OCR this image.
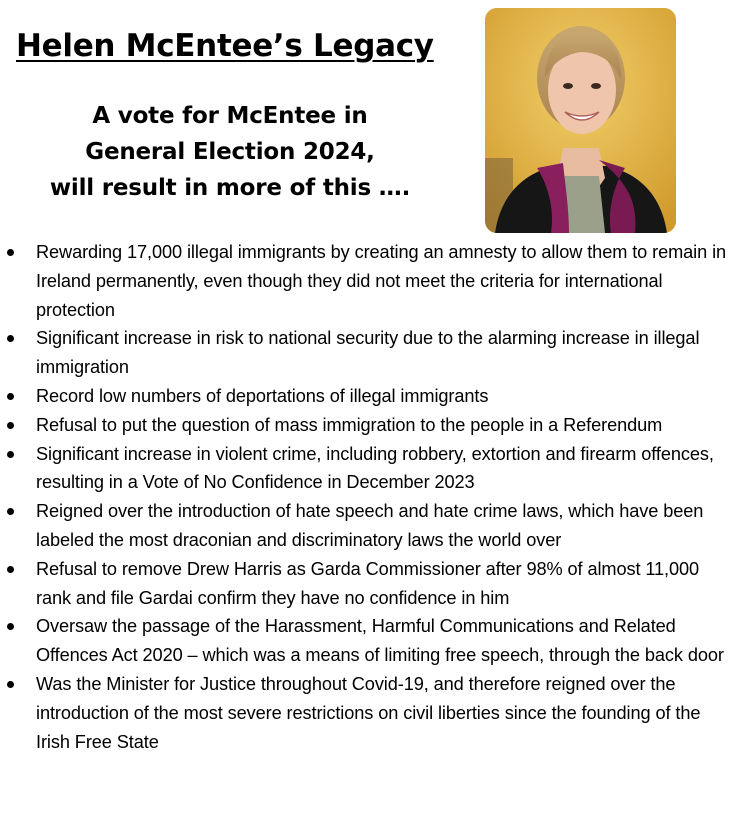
Helen McEntee’s Legacy
A vote for McEntee in
General Election 2024,
will result in more of this ….
Rewarding 17,000 illegal immigrants by creating an amnesty to allow them to remain in Ireland permanently, even though they did not meet the criteria for international protection
Significant increase in risk to national security due to the alarming increase in illegal immigration
Record low numbers of deportations of illegal immigrants
Refusal to put the question of mass immigration to the people in a Referendum
Significant increase in violent crime, including robbery, extortion and firearm offences, resulting in a Vote of No Confidence in December 2023
Reigned over the introduction of hate speech and hate crime laws, which have been labeled the most draconian and discriminatory laws the world over
Refusal to remove Drew Harris as Garda Commissioner after 98% of almost 11,000 rank and file Gardai confirm they have no confidence in him
Oversaw the passage of the Harassment, Harmful Communications and Related Offences Act 2020 – which was a means of limiting free speech, through the back door
Was the Minister for Justice throughout Covid-19, and therefore reigned over the introduction of the most severe restrictions on civil liberties since the founding of the Irish Free State
